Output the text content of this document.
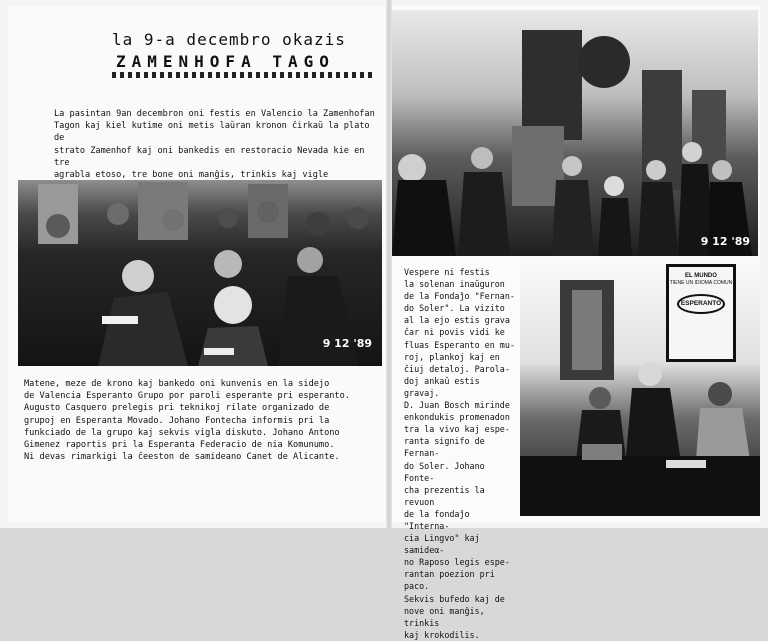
la 9-a decembro okazis
ZAMENHOFA TAGO

La pasintan 9an decembron oni festis en Valencio la Zamenhofan
Tagon kaj kiel kutime oni metis laŭran kronon ĉirkaŭ la plato de
strato Zamenhof kaj oni bankedis en restoracio Nevada kie en tre
agrabla etoso, tre bone oni manĝis, trinkis kaj vigle

9 12 '89

Matene, meze de krono kaj bankedo oni kunvenis en la sidejo
de Valencia Esperanto Grupo por paroli esperante pri esperanto.
Augusto Casquero prelegis pri teknikoj rilate organizado de
grupoj en Esperanta Movado. Johano Fontecha informis pri la
funkciado de la grupo kaj sekvis vigla diskuto. Johano Antono
Gimenez raportis pri la Esperanta Federacio de nia Komunumo.
Ni devas rimarkigi la ĉeeston de samideano Canet de Alicante.

9 12 '89

Vespere ni festis
la solenan inaŭguron
de la Fondaĵo "Fernan-
do Soler". La vizito
al la ejo estis grava
ĉar ni povis vidi ke
fluas Esperanto en mu-
roj, plankoj kaj en
ĉiuj detaloj. Parola-
doj ankaŭ estis gravaj.
D. Juan Bosch mirinde
enkondukis promenadon
tra la vivo kaj espe-
ranta signifo de Fernan-
do Soler. Johano Fonte-
cha prezentis la revuon
de la fondaĵo "Interna-
cia Lingvo" kaj samideα-
no Raposo legis espe-
rantan poezion pri paco.
Sekvis bufedo kaj de
nove oni manĝis, trinkis
kaj krokodilis.

EL MUNDO
TIENE UN IDIOMA COMUN
ESPERANTO
